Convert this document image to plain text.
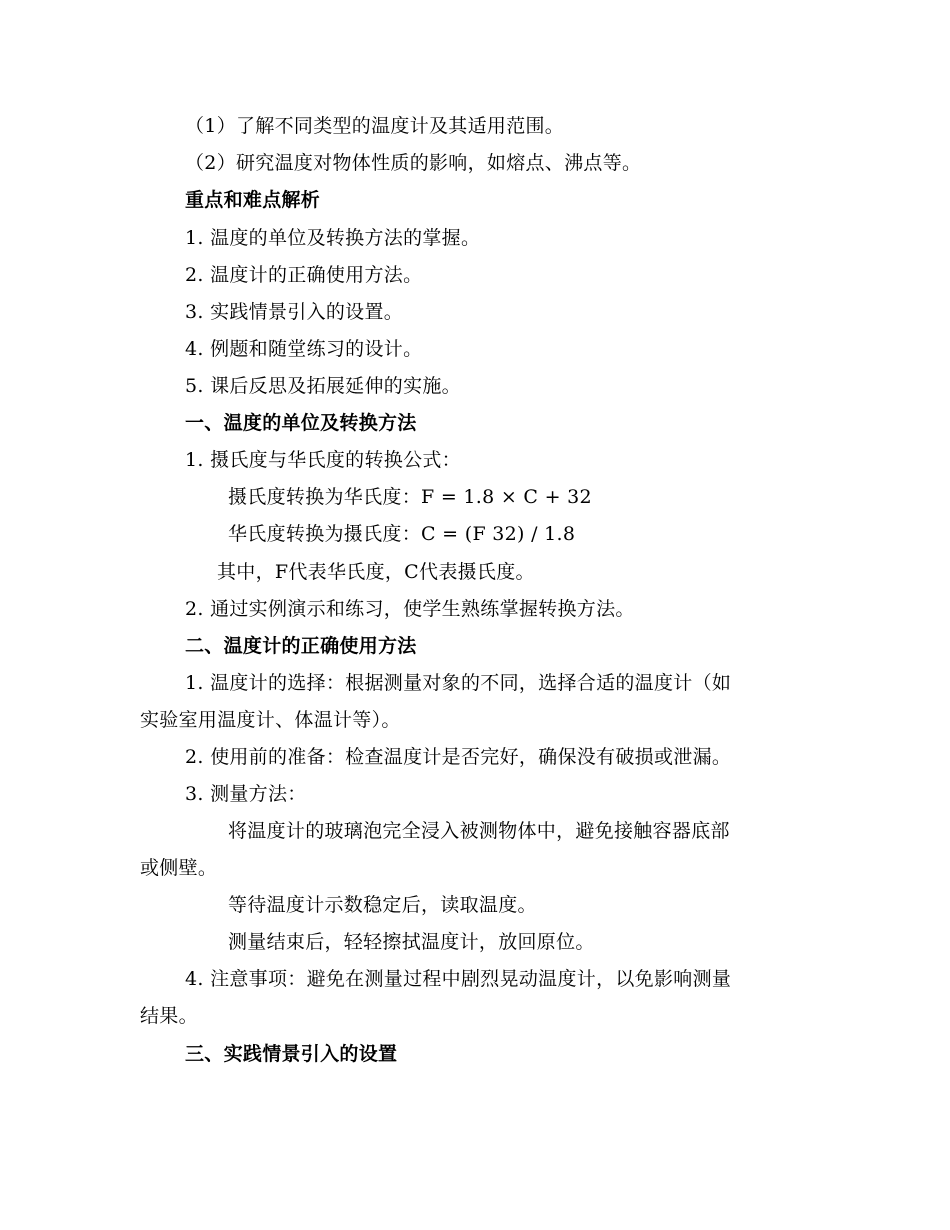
（1）了解不同类型的温度计及其适用范围。
（2）研究温度对物体性质的影响，如熔点、沸点等。
重点和难点解析
1. 温度的单位及转换方法的掌握。
2. 温度计的正确使用方法。
3. 实践情景引入的设置。
4. 例题和随堂练习的设计。
5. 课后反思及拓展延伸的实施。
一、温度的单位及转换方法
1. 摄氏度与华氏度的转换公式：
摄氏度转换为华氏度：F = 1.8 × C + 32
华氏度转换为摄氏度：C = (F 32) / 1.8
其中，F代表华氏度，C代表摄氏度。
2. 通过实例演示和练习，使学生熟练掌握转换方法。
二、温度计的正确使用方法
1. 温度计的选择：根据测量对象的不同，选择合适的温度计（如
实验室用温度计、体温计等）。
2. 使用前的准备：检查温度计是否完好，确保没有破损或泄漏。
3. 测量方法：
将温度计的玻璃泡完全浸入被测物体中，避免接触容器底部
或侧壁。
等待温度计示数稳定后，读取温度。
测量结束后，轻轻擦拭温度计，放回原位。
4. 注意事项：避免在测量过程中剧烈晃动温度计，以免影响测量
结果。
三、实践情景引入的设置
